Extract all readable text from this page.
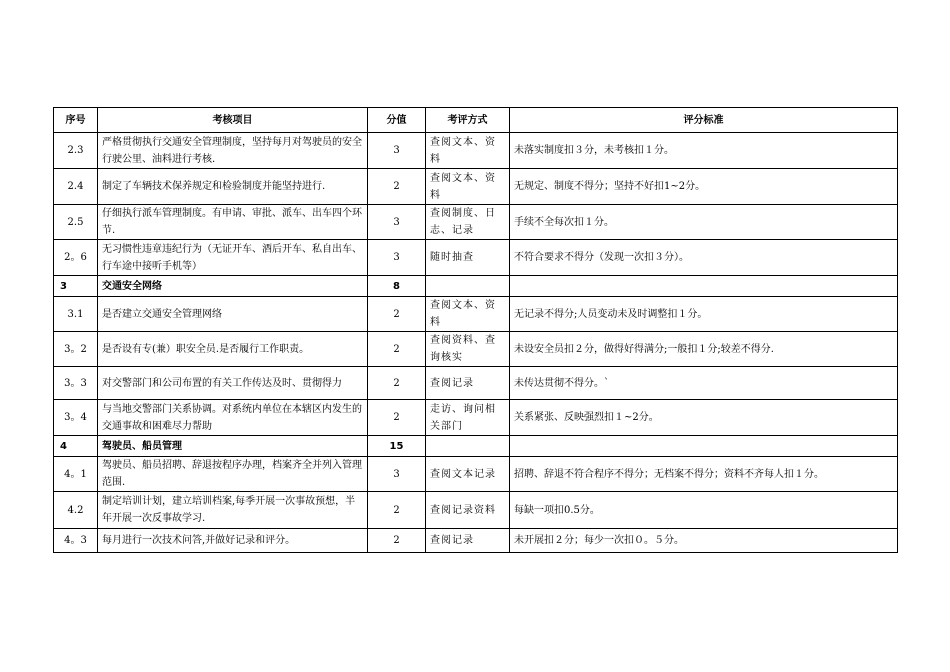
序号	考核项目	分值	考评方式	评分标准
2.3	严格贯彻执行交通安全管理制度，坚持每月对驾驶员的安全行驶公里、油料进行考核.	3	查阅文本、资料	未落实制度扣３分，未考核扣１分。
2.4	制定了车辆技术保养规定和检验制度并能坚持进行.	2	查阅文本、资料	无规定、制度不得分；坚持不好扣1~2分。
2.5	仔细执行派车管理制度。有申请、审批、派车、出车四个环节.	3	查阅制度、日志、记录	手续不全每次扣１分。
2。6	无习惯性违章违纪行为（无证开车、酒后开车、私自出车、行车途中接听手机等）	3	随时抽查	不符合要求不得分（发现一次扣３分）。
3	交通安全网络	8		
3.1	是否建立交通安全管理网络	2	查阅文本、资料	无记录不得分;人员变动未及时调整扣１分。
3。2	是否设有专(兼）职安全员.是否履行工作职责。	2	查阅资料、查询核实	未设安全员扣２分，做得好得满分;一般扣１分;较差不得分.
3。3	对交警部门和公司布置的有关工作传达及时、贯彻得力	2	查阅记录	未传达贯彻不得分。`
3。4	与当地交警部门关系协调。对系统内单位在本辖区内发生的交通事故和困难尽力帮助	2	走访、询问相关部门	关系紧张、反映强烈扣１~2分。
4	驾驶员、船员管理	15		
4。1	驾驶员、船员招聘、辞退按程序办理，档案齐全并列入管理范围.	3	查阅文本记录	招聘、辞退不符合程序不得分；无档案不得分；资料不齐每人扣１分。
4.2	制定培训计划，建立培训档案,每季开展一次事故预想，半年开展一次反事故学习.	2	查阅记录资料	每缺一项扣0.5分。
4。3	每月进行一次技术问答,并做好记录和评分。	2	查阅记录	未开展扣２分；每少一次扣０。５分。
